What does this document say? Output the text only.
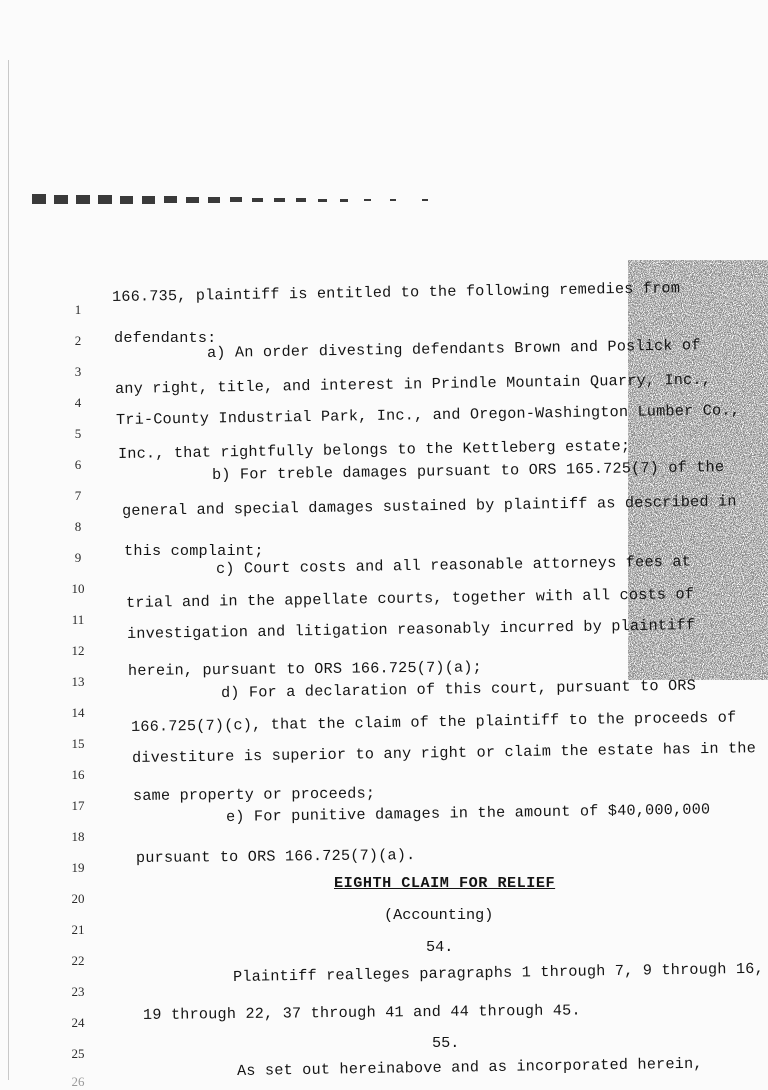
1
2
3
4
5
6
7
8
9
10
11
12
13
14
15
16
17
18
19
20
21
22
23
24
25
26
166.735, plaintiff is entitled to the following remedies from
defendants:
a) An order divesting defendants Brown and Poslick of
any right, title, and interest in Prindle Mountain Quarry, Inc.,
Tri-County Industrial Park, Inc., and Oregon-Washington Lumber Co.,
Inc., that rightfully belongs to the Kettleberg estate;
b) For treble damages pursuant to ORS 165.725(7) of the
general and special damages sustained by plaintiff as described in
this complaint;
c) Court costs and all reasonable attorneys fees at
trial and in the appellate courts, together with all costs of
investigation and litigation reasonably incurred by plaintiff
herein, pursuant to ORS 166.725(7)(a);
d) For a declaration of this court, pursuant to ORS
166.725(7)(c), that the claim of the plaintiff to the proceeds of
divestiture is superior to any right or claim the estate has in the
same property or proceeds;
e) For punitive damages in the amount of $40,000,000
pursuant to ORS 166.725(7)(a).
EIGHTH CLAIM FOR RELIEF
(Accounting)
54.
Plaintiff realleges paragraphs 1 through 7, 9 through 16,
19 through 22, 37 through 41 and 44 through 45.
55.
As set out hereinabove and as incorporated herein,
